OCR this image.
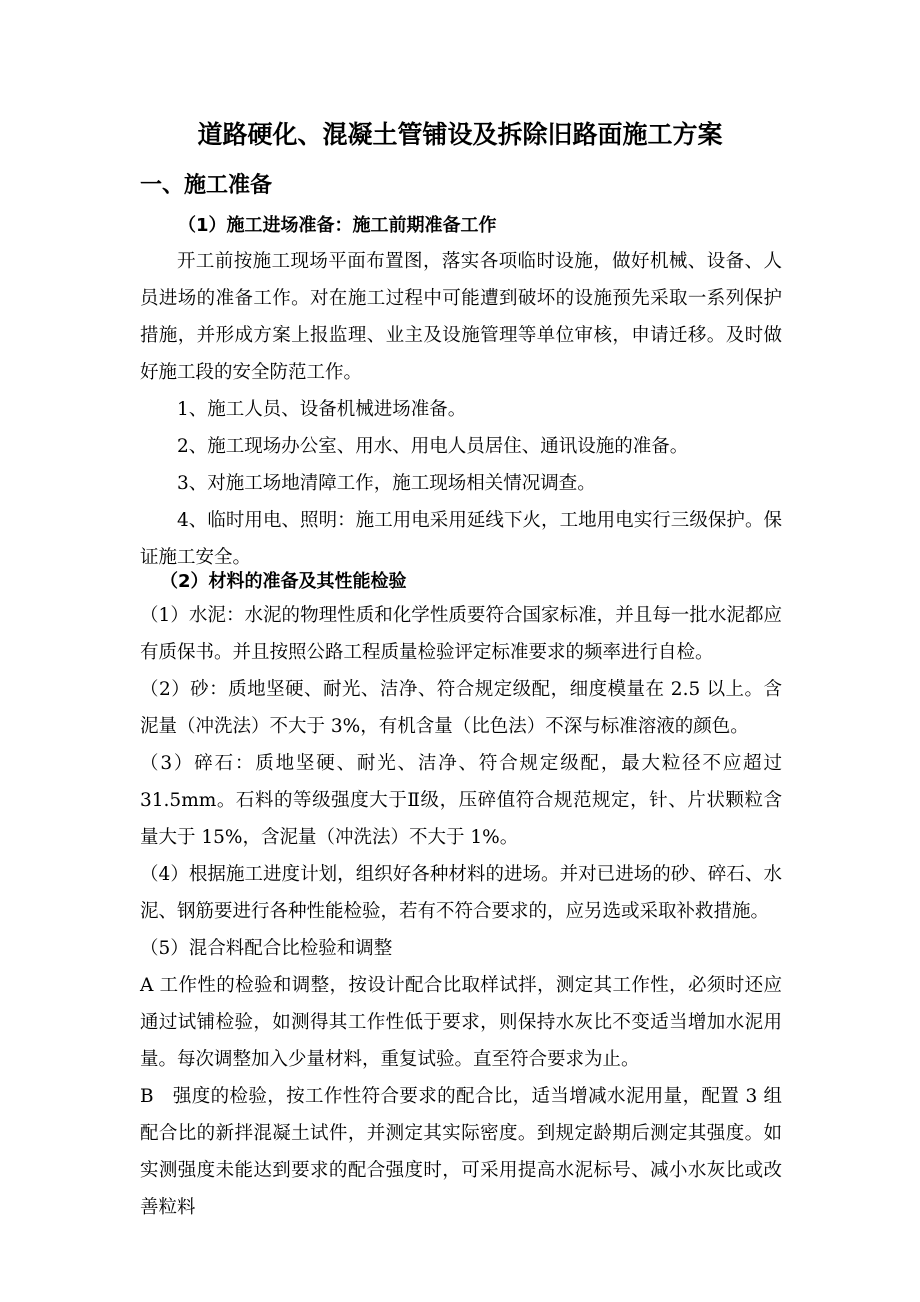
道路硬化、混凝土管铺设及拆除旧路面施工方案
一、施工准备
（1）施工进场准备：施工前期准备工作

开工前按施工现场平面布置图，落实各项临时设施，做好机械、设备、人员进场的准备工作。对在施工过程中可能遭到破坏的设施预先采取一系列保护措施，并形成方案上报监理、业主及设施管理等单位审核，申请迁移。及时做好施工段的安全防范工作。

1、施工人员、设备机械进场准备。

2、施工现场办公室、用水、用电人员居住、通讯设施的准备。

3、对施工场地清障工作，施工现场相关情况调查。

4、临时用电、照明：施工用电采用延线下火，工地用电实行三级保护。保证施工安全。

（2）材料的准备及其性能检验

（1）水泥：水泥的物理性质和化学性质要符合国家标准，并且每一批水泥都应有质保书。并且按照公路工程质量检验评定标准要求的频率进行自检。

（2）砂：质地坚硬、耐光、洁净、符合规定级配，细度模量在 2.5 以上。含泥量（冲洗法）不大于 3%，有机含量（比色法）不深与标准溶液的颜色。

（3）碎石：质地坚硬、耐光、洁净、符合规定级配，最大粒径不应超过 31.5mm。石料的等级强度大于Ⅱ级，压碎值符合规范规定，针、片状颗粒含量大于 15%，含泥量（冲洗法）不大于 1%。

（4）根据施工进度计划，组织好各种材料的进场。并对已进场的砂、碎石、水泥、钢筋要进行各种性能检验，若有不符合要求的，应另选或采取补救措施。

（5）混合料配合比检验和调整

A 工作性的检验和调整，按设计配合比取样试拌，测定其工作性，必须时还应通过试铺检验，如测得其工作性低于要求，则保持水灰比不变适当增加水泥用量。每次调整加入少量材料，重复试验。直至符合要求为止。

B　强度的检验，按工作性符合要求的配合比，适当增减水泥用量，配置 3 组配合比的新拌混凝土试件，并测定其实际密度。到规定龄期后测定其强度。如实测强度未能达到要求的配合强度时，可采用提高水泥标号、减小水灰比或改善粒料
